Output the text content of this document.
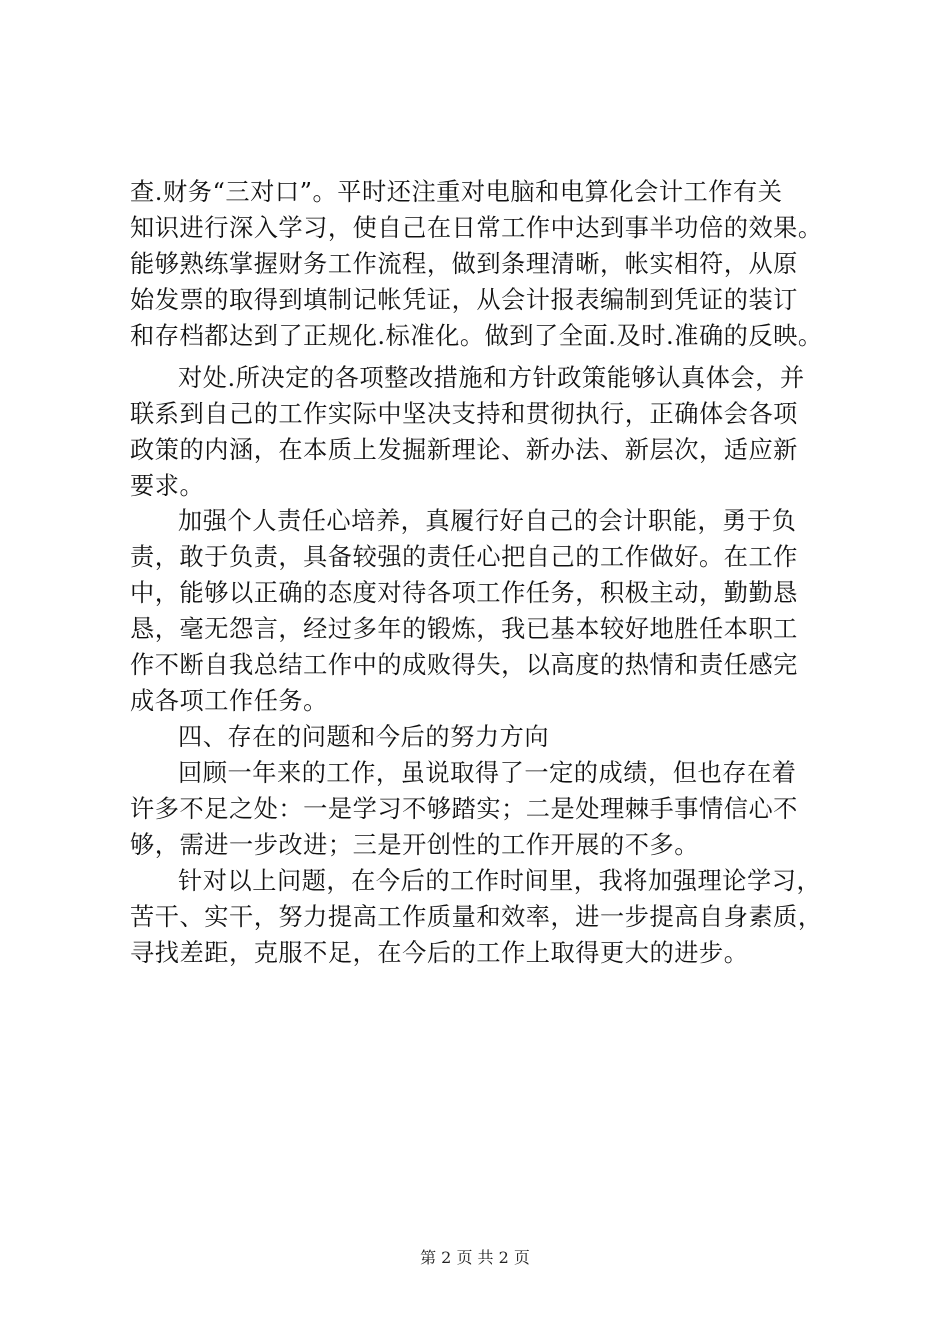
查.财务“三对口”。平时还注重对电脑和电算化会计工作有关
知识进行深入学习，使自己在日常工作中达到事半功倍的效果。
能够熟练掌握财务工作流程，做到条理清晰，帐实相符，从原
始发票的取得到填制记帐凭证，从会计报表编制到凭证的装订
和存档都达到了正规化.标准化。做到了全面.及时.准确的反映。
对处.所决定的各项整改措施和方针政策能够认真体会，并
联系到自己的工作实际中坚决支持和贯彻执行，正确体会各项
政策的内涵，在本质上发掘新理论、新办法、新层次，适应新
要求。
加强个人责任心培养，真履行好自己的会计职能，勇于负
责，敢于负责，具备较强的责任心把自己的工作做好。在工作
中，能够以正确的态度对待各项工作任务，积极主动，勤勤恳
恳，毫无怨言，经过多年的锻炼，我已基本较好地胜任本职工
作不断自我总结工作中的成败得失，以高度的热情和责任感完
成各项工作任务。
四、存在的问题和今后的努力方向
回顾一年来的工作，虽说取得了一定的成绩，但也存在着
许多不足之处：一是学习不够踏实；二是处理棘手事情信心不
够，需进一步改进；三是开创性的工作开展的不多。
针对以上问题，在今后的工作时间里，我将加强理论学习，
苦干、实干，努力提高工作质量和效率，进一步提高自身素质，
寻找差距，克服不足，在今后的工作上取得更大的进步。
第 2 页 共 2 页
